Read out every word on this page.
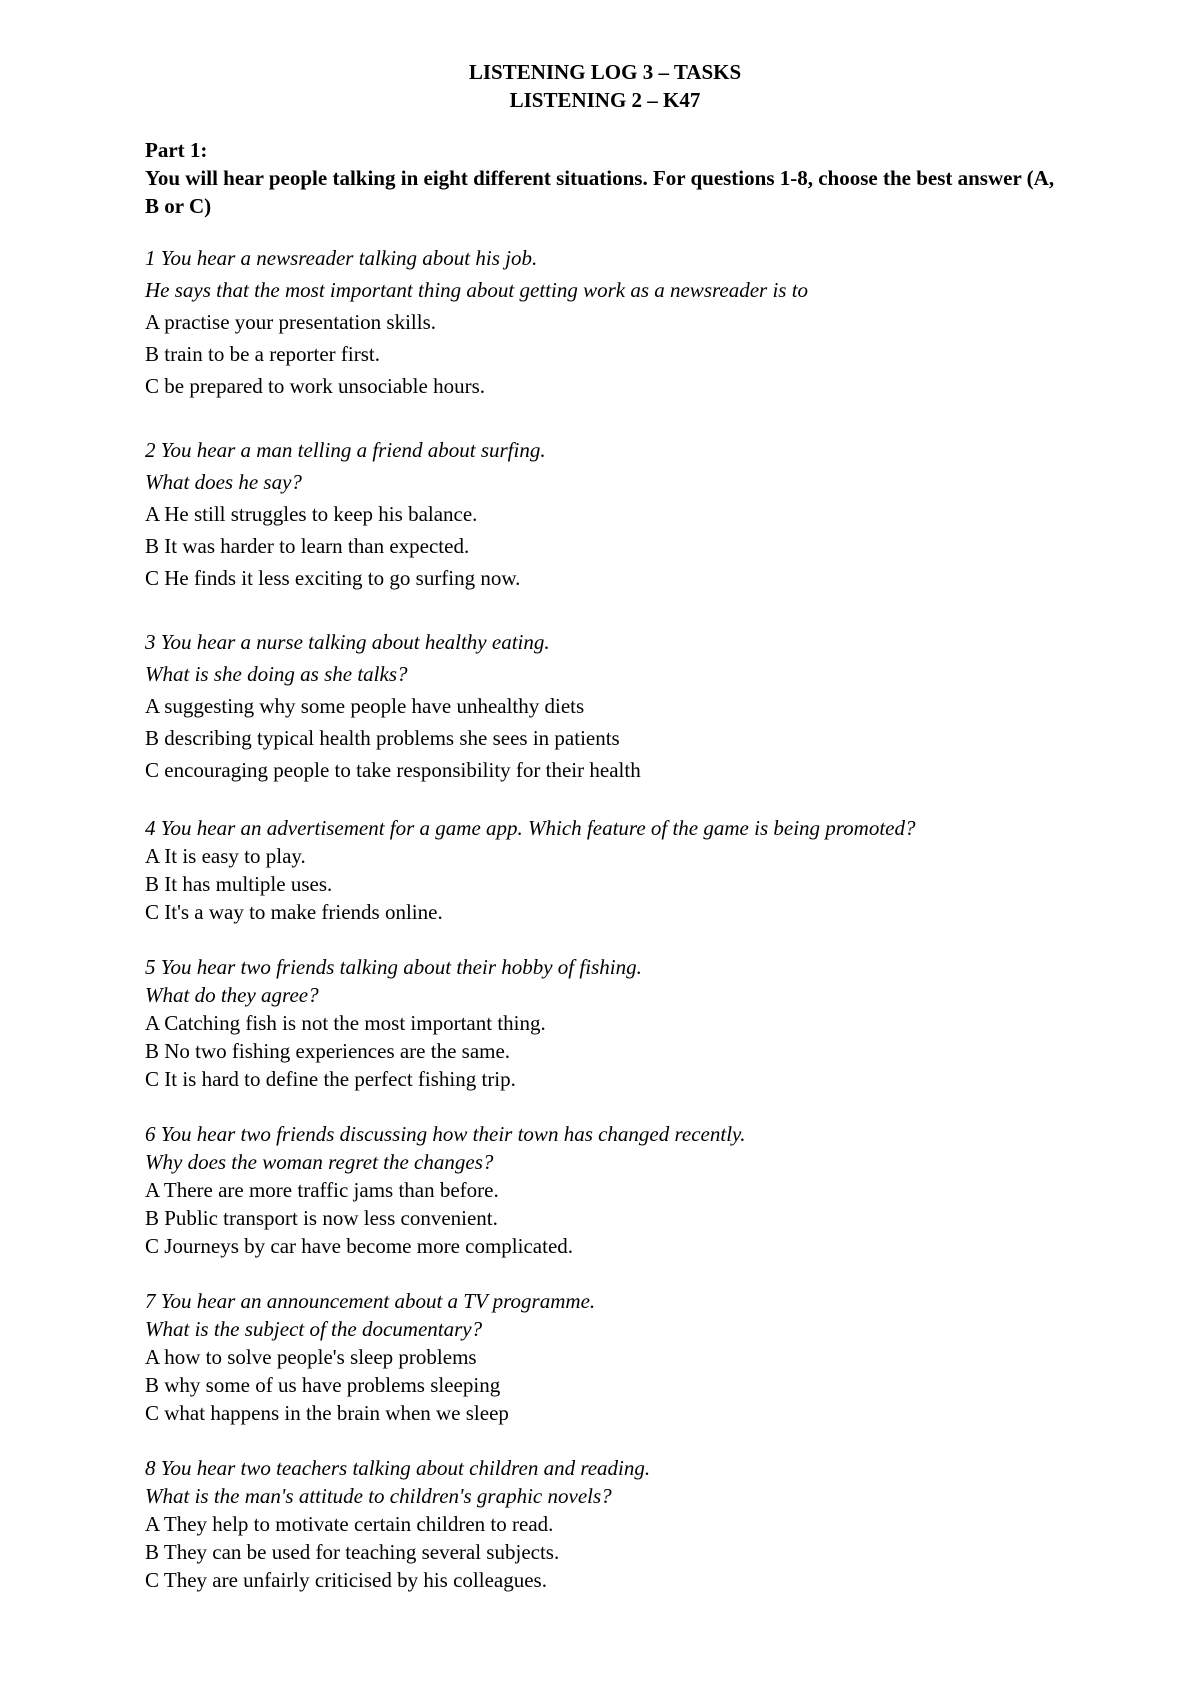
LISTENING LOG 3 – TASKS
LISTENING 2 – K47
Part 1:
You will hear people talking in eight different situations. For questions 1-8, choose the best answer (A, B or C)
1 You hear a newsreader talking about his job.
He says that the most important thing about getting work as a newsreader is to
A practise your presentation skills.
B train to be a reporter first.
C be prepared to work unsociable hours.
2 You hear a man telling a friend about surfing.
What does he say?
A He still struggles to keep his balance.
B It was harder to learn than expected.
C He finds it less exciting to go surfing now.
3 You hear a nurse talking about healthy eating.
What is she doing as she talks?
A suggesting why some people have unhealthy diets
B describing typical health problems she sees in patients
C encouraging people to take responsibility for their health
4 You hear an advertisement for a game app. Which feature of the game is being promoted?
A It is easy to play.
B It has multiple uses.
C It's a way to make friends online.
5 You hear two friends talking about their hobby of fishing.
What do they agree?
A Catching fish is not the most important thing.
B No two fishing experiences are the same.
C It is hard to define the perfect fishing trip.
6 You hear two friends discussing how their town has changed recently.
Why does the woman regret the changes?
A There are more traffic jams than before.
B Public transport is now less convenient.
C Journeys by car have become more complicated.
7 You hear an announcement about a TV programme.
What is the subject of the documentary?
A how to solve people's sleep problems
B why some of us have problems sleeping
C what happens in the brain when we sleep
8 You hear two teachers talking about children and reading.
What is the man's attitude to children's graphic novels?
A They help to motivate certain children to read.
B They can be used for teaching several subjects.
C They are unfairly criticised by his colleagues.
